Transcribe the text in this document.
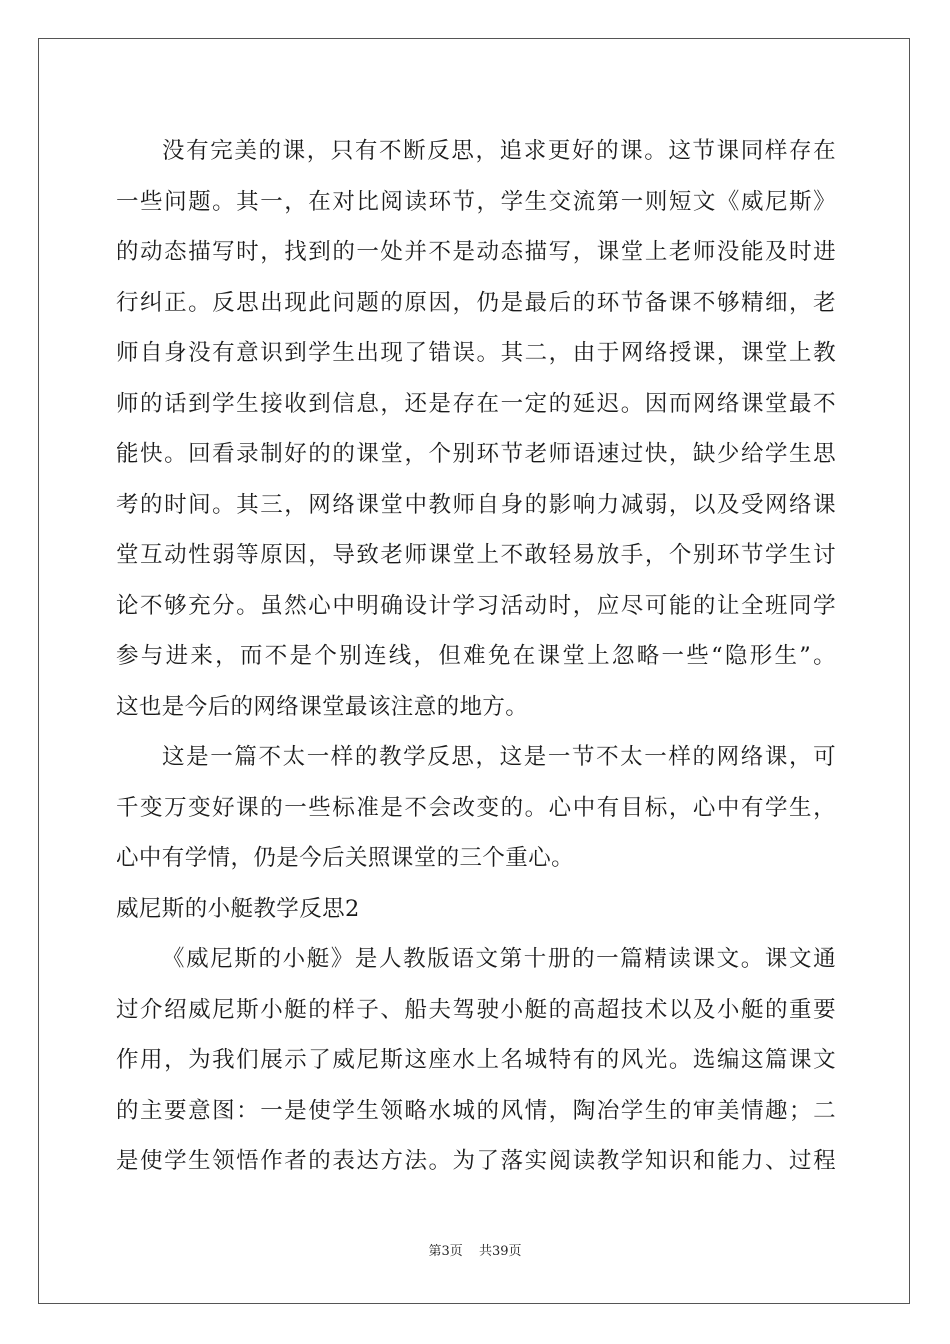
没有完美的课，只有不断反思，追求更好的课。这节课同样存在
一些问题。其一，在对比阅读环节，学生交流第一则短文《威尼斯》
的动态描写时，找到的一处并不是动态描写，课堂上老师没能及时进
行纠正。反思出现此问题的原因，仍是最后的环节备课不够精细，老
师自身没有意识到学生出现了错误。其二，由于网络授课，课堂上教
师的话到学生接收到信息，还是存在一定的延迟。因而网络课堂最不
能快。回看录制好的的课堂，个别环节老师语速过快，缺少给学生思
考的时间。其三，网络课堂中教师自身的影响力减弱，以及受网络课
堂互动性弱等原因，导致老师课堂上不敢轻易放手，个别环节学生讨
论不够充分。虽然心中明确设计学习活动时，应尽可能的让全班同学
参与进来，而不是个别连线，但难免在课堂上忽略一些“隐形生”。
这也是今后的网络课堂最该注意的地方。
这是一篇不太一样的教学反思，这是一节不太一样的网络课，可
千变万变好课的一些标准是不会改变的。心中有目标，心中有学生，
心中有学情，仍是今后关照课堂的三个重心。
威尼斯的小艇教学反思2
《威尼斯的小艇》是人教版语文第十册的一篇精读课文。课文通
过介绍威尼斯小艇的样子、船夫驾驶小艇的高超技术以及小艇的重要
作用，为我们展示了威尼斯这座水上名城特有的风光。选编这篇课文
的主要意图：一是使学生领略水城的风情，陶冶学生的审美情趣；二
是使学生领悟作者的表达方法。为了落实阅读教学知识和能力、过程
第3页 共39页
